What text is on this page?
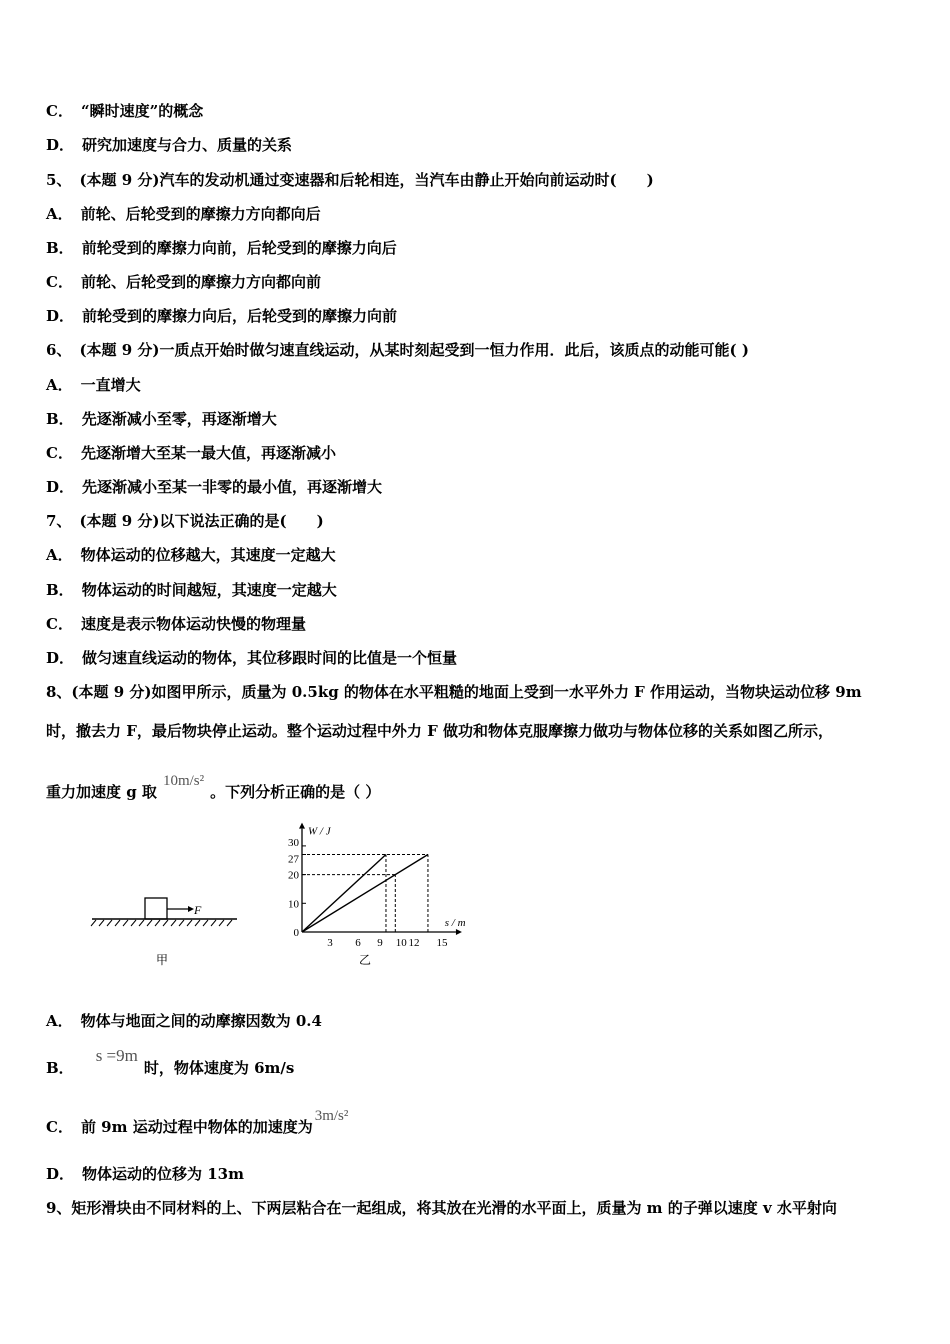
C． “瞬时速度”的概念
D． 研究加速度与合力、质量的关系
5、 (本题 9 分)汽车的发动机通过变速器和后轮相连，当汽车由静止开始向前运动时(　　)
A． 前轮、后轮受到的摩擦力方向都向后
B． 前轮受到的摩擦力向前，后轮受到的摩擦力向后
C． 前轮、后轮受到的摩擦力方向都向前
D． 前轮受到的摩擦力向后，后轮受到的摩擦力向前
6、 (本题 9 分)一质点开始时做匀速直线运动，从某时刻起受到一恒力作用．此后，该质点的动能可能( )
A． 一直增大
B． 先逐渐减小至零，再逐渐增大
C． 先逐渐增大至某一最大值，再逐渐减小
D． 先逐渐减小至某一非零的最小值，再逐渐增大
7、 (本题 9 分)以下说法正确的是(　　)
A． 物体运动的位移越大，其速度一定越大
B． 物体运动的时间越短，其速度一定越大
C． 速度是表示物体运动快慢的物理量
D． 做匀速直线运动的物体，其位移跟时间的比值是一个恒量
8、(本题 9 分)如图甲所示，质量为 0.5kg 的物体在水平粗糙的地面上受到一水平外力 F 作用运动，当物块运动位移 9m
时，撤去力 F，最后物块停止运动。整个运动过程中外力 F 做功和物体克服摩擦力做功与物体位移的关系如图乙所示，
重力加速度 g 取10m/s²。下列分析正确的是（ ）
F
甲
3 6 9 10 12 15
0
10
20
27
30
s / m
W / J
乙
A． 物体与地面之间的动摩擦因数为 0.4
B．s =9m时，物体速度为 6m/s
C． 前 9m 运动过程中物体的加速度为3m/s²
D． 物体运动的位移为 13m
9、矩形滑块由不同材料的上、下两层粘合在一起组成，将其放在光滑的水平面上，质量为 m 的子弹以速度 v 水平射向
